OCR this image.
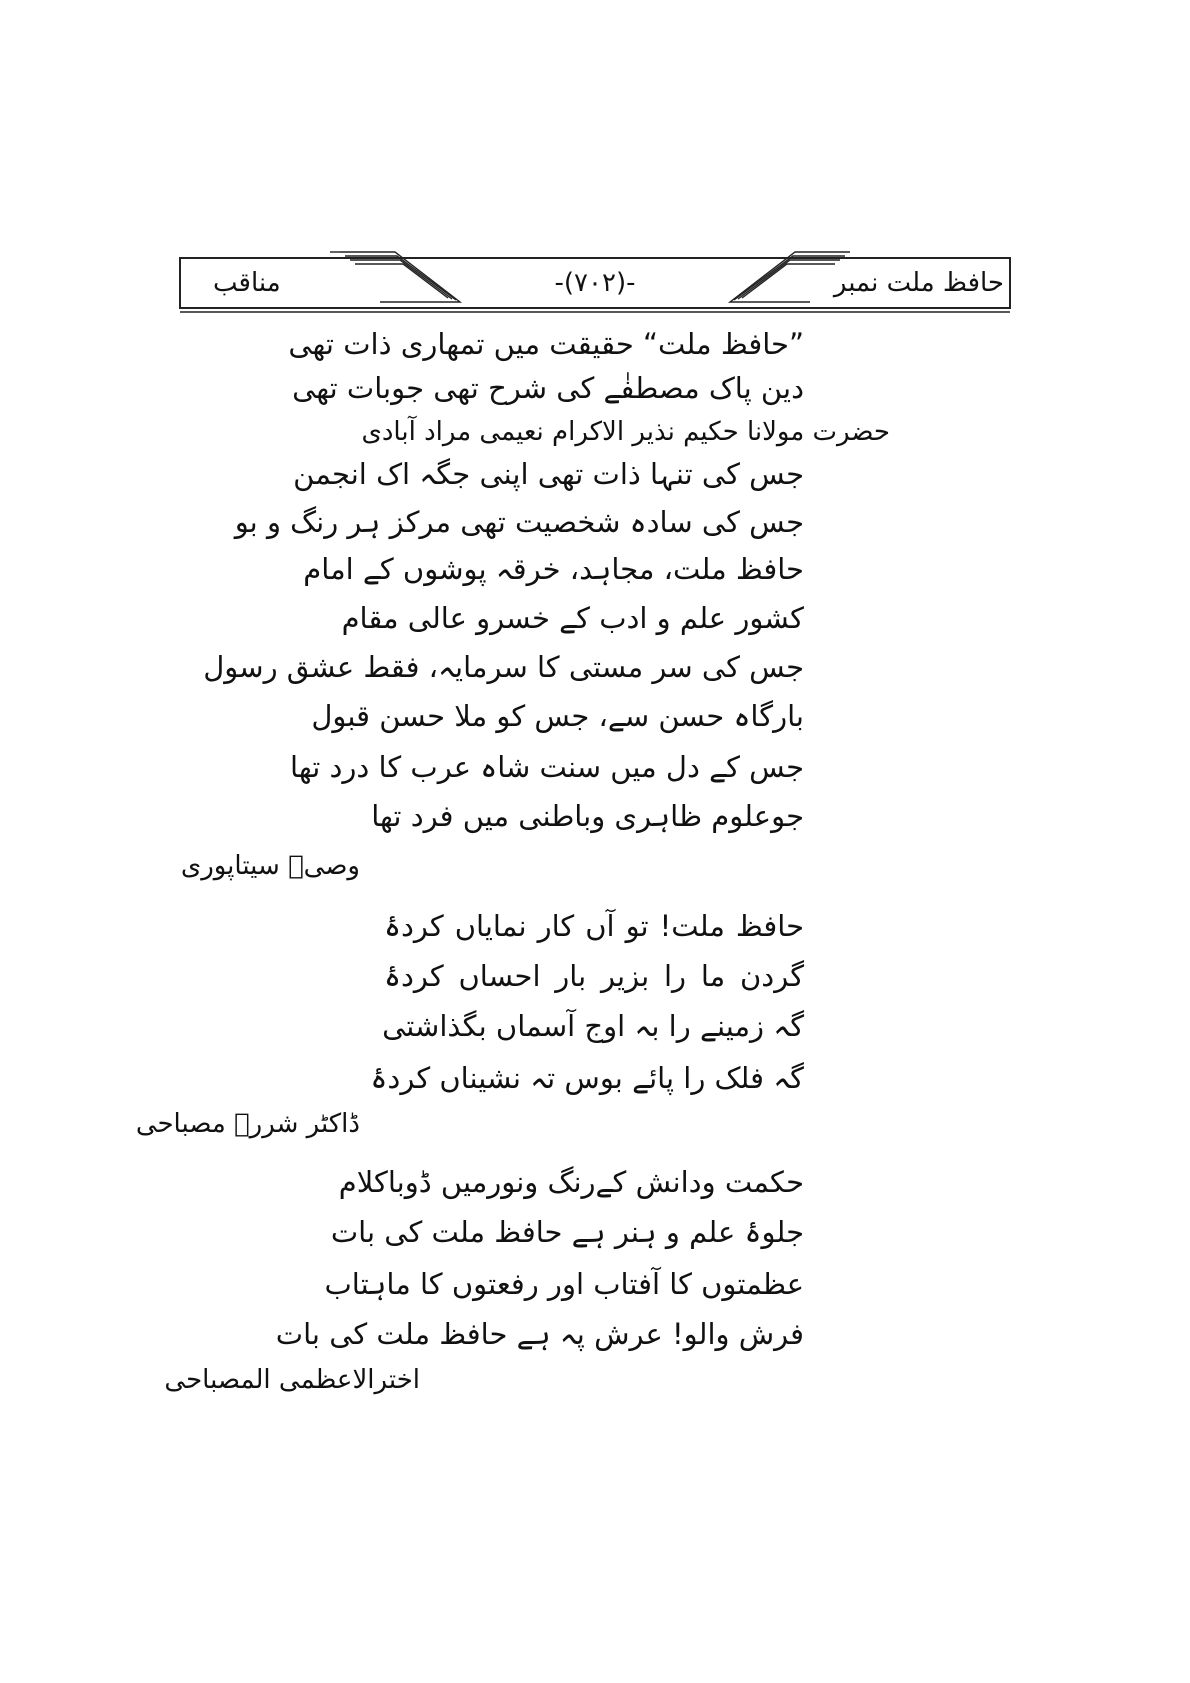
حافظ ملت نمبر
-(۷۰۲)-
مناقب
”حافظ ملت“ حقیقت میں تمھاری ذات تھی
دین پاک مصطفٰے کی شرح تھی جوبات تھی
حضرت مولانا حکیم نذیر الاکرام نعیمی مراد آبادی
جس کی تنہا ذات تھی اپنی جگہ اک انجمن
جس کی سادہ شخصیت تھی مرکز ہر رنگ و بو
حافظ ملت، مجاہد، خرقہ پوشوں کے امام
کشور علم و ادب کے خسرو عالی مقام
جس کی سر مستی کا سرمایہ، فقط عشق رسول
بارگاہ حسن سے، جس کو ملا حسن قبول
جس کے دل میں سنت شاہ عرب کا درد تھا
جوعلوم ظاہری وباطنی میں فرد تھا
وصیؔ سیتاپوری
حافظ ملت! تو آں کار نمایاں کردۂ
گردن ما را بزیر بار احساں کردۂ
گہ زمینے را بہ اوج آسماں بگذاشتی
گہ فلک را پائے بوس تہ نشیناں کردۂ
ڈاکٹر شررؔ مصباحی
حکمت ودانش کےرنگ ونورمیں ڈوباکلام
جلوۂ علم و ہنر ہے حافظ ملت کی بات
عظمتوں کا آفتاب اور رفعتوں کا ماہتاب
فرش والو! عرش پہ ہے حافظ ملت کی بات
اخترالاعظمی المصباحی
